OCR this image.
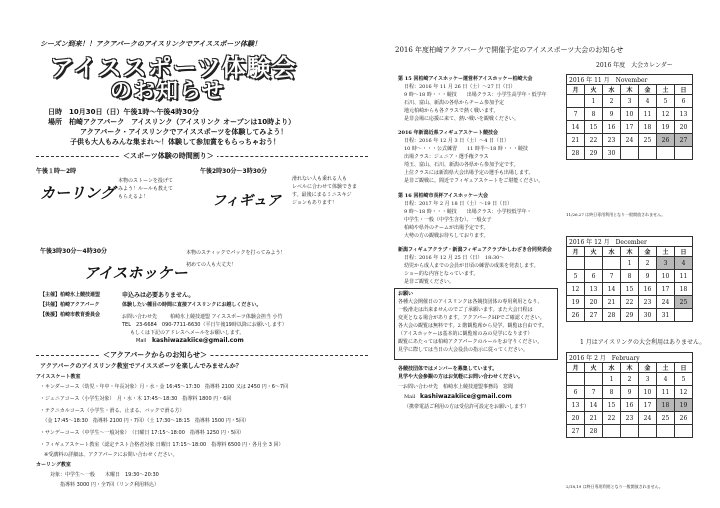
シーズン到来！！アクアパークのアイスリンクでアイススポーツ体験！
アイススポーツ体験会
のお知らせ
日時　10月30日（日）午後1時～午後4時30分
場所　柏崎アクアパーク　アイスリンク（アイスリンク オープンは10時より）
アクアパーク・アイスリンクでアイススポーツを体験してみよう！
子供も大人もみんな集まれ～！体験して参加賞をもらっちゃおう！
＜スポーツ体験の時間割り＞
午後１時～2時
カーリング
本物のストーンを投げて
みよう！ルールも教えて
もらえるよ！
午後2時30分～3時30分
フィギュア
滑れない人も乗れる人も
レベルに合わせて体験できま
す。最後にまるミニスキジ
ジョンもあります！
午後3時30分～4時30分
アイスホッケー
本物のスティックでパックを打ってみよう！
初めての人も大丈夫！
【主催】柏崎氷上競技連盟
【共催】柏崎アクアパーク
【後援】柏崎市教育委員会
申込みは必要ありません。
体験したい種目の時間に直接アイスリンクにお越しください。
お問い合わせ先	柏崎氷上競技連盟 アイススポーツ体験会担当 小竹
TEL　23-6684　090-7711-6630（平日午後19時以降にお願いします）
もしくは下記のアドレスへメールをお願いします。
Mail kashiwazakiice@gmail.com
＜アクアパークからのお知らせ＞
アクアパークのアイスリンク教室でアイススポーツを楽しんでみませんか？
アイススケート教室
・キンダーコース（幼児・年中・年長対象）月・水・金 16:45～17:30　指導料 2100 又は 2450 円・6～7回
・ジュニアコース（小学生対象）　月・水・木 17:45～18:30　指導料 1800 円・6回
・テクニカルコース（小学生・滑る、止まる、バックで滑る方）
　（金 17:45～18:30　指導料 2100 円・7回）（土 17:30～18:15　指導料 1500 円・5回）
・サンデーコース（中学生～一般対象）　（日曜日 17:15～18:00　指導料 1250 円・5回）
・フィギュアスケート教室（認定テスト合格者対象 日曜日 17:15～18:00　指導料 6500 円・各月全 3 回）
※受講料の詳細は、アクアパークにお問い合わせください。
カーリング教室
対象：中学生～一般　　木曜日　19:30～20:30
指導料 3000 円・全7回（リンク利用料込）
2016 年度柏崎アクアパークで開催予定のアイススポーツ大会のお知らせ
第 15 回柏崎アイスホッケー運営杯アイスホッケー柏崎大会
日程：2016 年 11 月 26 日（土）～27 日（日）
9 時～18 時・・・競技　　出場クラス：小学生高学年・低学年
石川、富山、新潟の各県からチーム参加予定
地元柏崎からも各クラスで熱く戦います。
是非会場に応援に来て、熱い戦いを観戦ください。
2016 年新潟近県フィギュアスケート競技会
日程：2016 年 12 月 3 日（土）～4 日（日）
10 時～・・・公式練習　　11 時半～18 時・・・競技
出場クラス：ジュニア・選手権クラス
埼玉、富山、石川、新潟の各県から参加予定です。
上位クラスには新潟県大会出場予定の選手も出場します。
是非ご観戦に。間近でフィギュアスケートをご堪能ください。
第 16 回柏崎市長杯アイスホッケー大会
日程：2017 年 2 月 18 日（土）～19 日（日）
9 時～18 時・・・競技　　出場クラス：小学校低学年・
中学生・一般（中学生含む）、一般女子
柏崎や県外のチームが出場予定です。
大勢の方の観戦お待ちしております。
新潟フィギュアクラブ・新潟フィギュアクラブかしわざき合同発表会
日程：2016 年 12 月 25 日（日）　18:30～
幼児から成人までの会員が日頃の練習の成果を発表します。
ショー的な内容となっています。
是非ご観覧ください。
お願い
各種大会開催日のアイスリンクは各競技団体の専用利用となり、
一般滑走は出来ませんのでご了承願います。また大会日程は
変更となる場合があります。アクアパークHPでご確認ください。
各大会の観覧は無料です。2 階観覧席から見学、観覧は自由です。
（アイスホッケーは基本的に観覧席のみの見学になります）
観覧にあたっては柏崎アクアパークのルールをお守りください。
見学に際しては当日の大会役員の指示に従ってください。
各競技団体ではメンバーを募集しています。
見学や大会参観の方はお気軽にお問い合わせください。
一お問い合わせ先　柏崎氷上競技連盟事務局　窓聞
Mail kashiwazakiice@gmail.com
（携帯電話ご利用の方は受信許可設定をお願いします）
2016 年度　大会カレンダー
2016 年 11 月　November						
月	火	水	木	金	土	日
	1	2	3	4	5	6
7	8	9	10	11	12	13
14	15	16	17	18	19	20
21	22	23	24	25	26	27
28	29	30				
11/26,27 は終日専用利用となり一般開放されません。
2016 年 12 月　December						
月	火	水	木	金	土	日
			1	2	3	4
5	6	7	8	9	10	11
12	13	14	15	16	17	18
19	20	21	22	23	24	25
26	27	28	29	30	31	
1 月はアイスリンクの大会利用はありません。
2016 年 2 月　February						
月	火	水	木	金	土	日
		1	2	3	4	5
6	7	8	9	10	11	12
13	14	15	16	17	18	19
20	21	22	23	24	25	26
27	28					
2/18,19 は終日専用利用となり一般開放されません。
